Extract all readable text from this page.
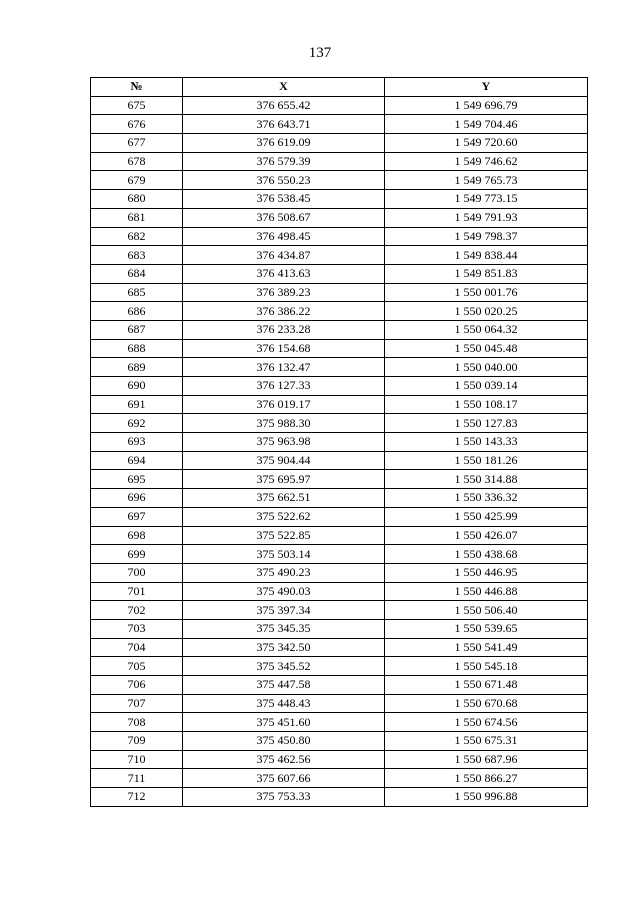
137
№	X	Y
675	376 655.42	1 549 696.79
676	376 643.71	1 549 704.46
677	376 619.09	1 549 720.60
678	376 579.39	1 549 746.62
679	376 550.23	1 549 765.73
680	376 538.45	1 549 773.15
681	376 508.67	1 549 791.93
682	376 498.45	1 549 798.37
683	376 434.87	1 549 838.44
684	376 413.63	1 549 851.83
685	376 389.23	1 550 001.76
686	376 386.22	1 550 020.25
687	376 233.28	1 550 064.32
688	376 154.68	1 550 045.48
689	376 132.47	1 550 040.00
690	376 127.33	1 550 039.14
691	376 019.17	1 550 108.17
692	375 988.30	1 550 127.83
693	375 963.98	1 550 143.33
694	375 904.44	1 550 181.26
695	375 695.97	1 550 314.88
696	375 662.51	1 550 336.32
697	375 522.62	1 550 425.99
698	375 522.85	1 550 426.07
699	375 503.14	1 550 438.68
700	375 490.23	1 550 446.95
701	375 490.03	1 550 446.88
702	375 397.34	1 550 506.40
703	375 345.35	1 550 539.65
704	375 342.50	1 550 541.49
705	375 345.52	1 550 545.18
706	375 447.58	1 550 671.48
707	375 448.43	1 550 670.68
708	375 451.60	1 550 674.56
709	375 450.80	1 550 675.31
710	375 462.56	1 550 687.96
711	375 607.66	1 550 866.27
712	375 753.33	1 550 996.88
